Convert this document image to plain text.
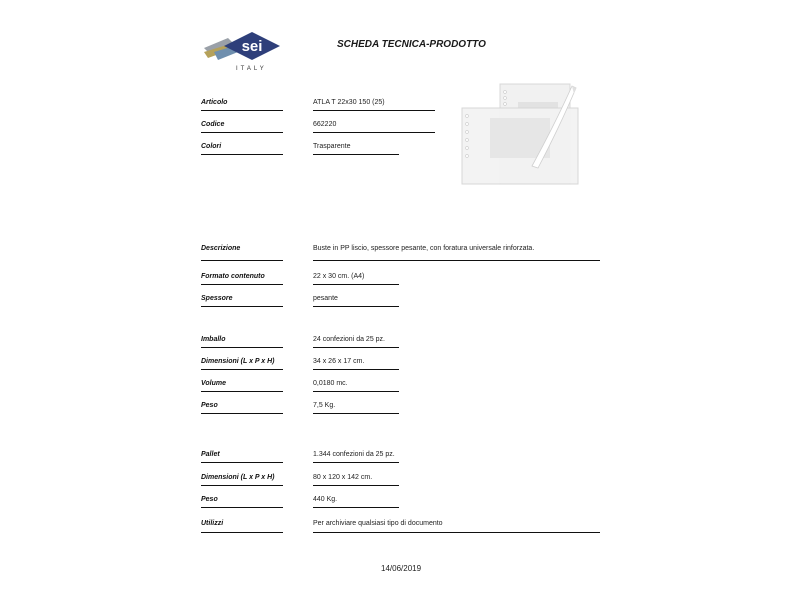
sei
ITALY
SCHEDA TECNICA-PRODOTTO
Articolo	ATLA T 22x30 150 (25)
Codice	662220
Colori	Trasparente
Descrizione	Buste in PP liscio, spessore pesante, con foratura universale rinforzata.
Formato contenuto	22 x 30 cm. (A4)
Spessore	pesante
Imballo	24 confezioni da 25 pz.
Dimensioni (L x P x H)	34 x 26 x 17 cm.
Volume	0,0180 mc.
Peso	7,5 Kg.
Pallet	1.344 confezioni da 25 pz.
Dimensioni (L x P x H)	80 x 120 x 142 cm.
Peso	440 Kg.
Utilizzi	Per archiviare qualsiasi tipo di documento
14/06/2019
